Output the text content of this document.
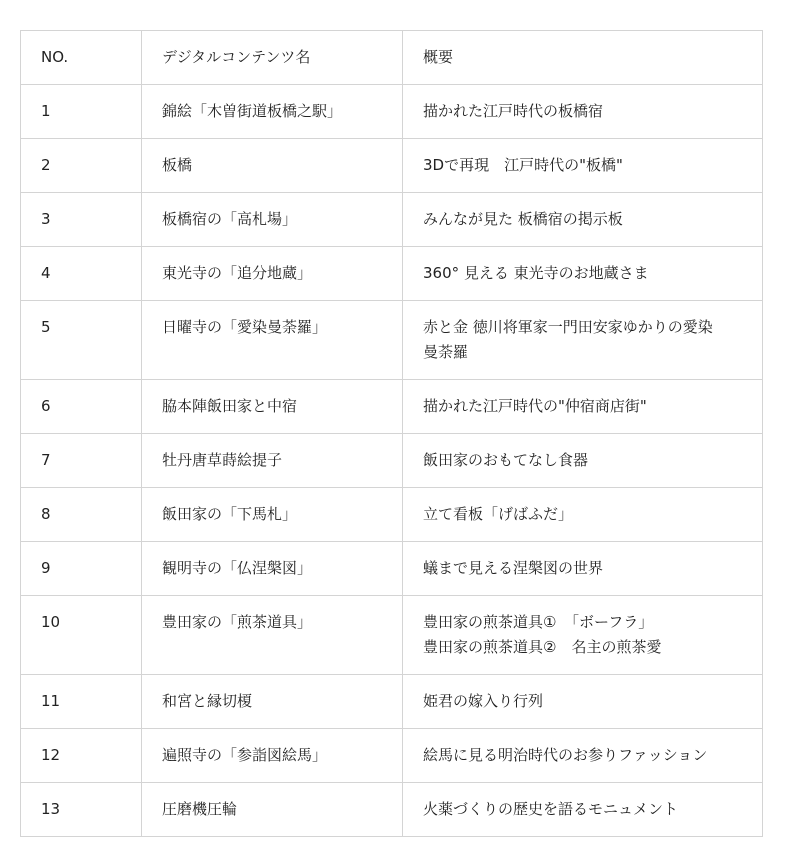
NO.	デジタルコンテンツ名	概要
1	錦絵「木曽街道板橋之駅」	描かれた江戸時代の板橋宿
2	板橋	3Dで再現　江戸時代の"板橋"
3	板橋宿の「高札場」	みんなが見た 板橋宿の掲示板
4	東光寺の「追分地蔵」	360° 見える 東光寺のお地蔵さま
5	日曜寺の「愛染曼荼羅」	赤と金 徳川将軍家一門田安家ゆかりの愛染
曼荼羅
6	脇本陣飯田家と中宿	描かれた江戸時代の"仲宿商店街"
7	牡丹唐草蒔絵提子	飯田家のおもてなし食器
8	飯田家の「下馬札」	立て看板「げばふだ」
9	観明寺の「仏涅槃図」	蟻まで見える涅槃図の世界
10	豊田家の「煎茶道具」	豊田家の煎茶道具①　「ボーフラ」
豊田家の煎茶道具②　名主の煎茶愛
11	和宮と縁切榎	姫君の嫁入り行列
12	遍照寺の「参詣図絵馬」	絵馬に見る明治時代のお参りファッション
13	圧磨機圧輪	火薬づくりの歴史を語るモニュメント
